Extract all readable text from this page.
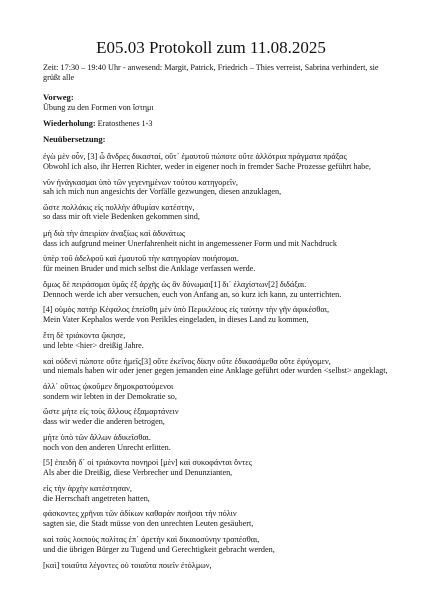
E05.03 Protokoll zum 11.08.2025
Zeit: 17:30 – 19:40 Uhr - anwesend: Margit, Patrick, Friedrich – Thies verreist, Sabrina verhindert, sie grüßt alle
Vorweg:
Übung zu den Formen von ἵστημι
Wiederholung: Eratosthenes 1-3
Neuübersetzung:
ἐγὼ μὲν οὖν, [3] ὦ ἄνδρες δικασταί, οὔτ᾽ ἐμαυτοῦ πώποτε οὔτε ἀλλότρια πράγματα πράξας
Obwohl ich also, ihr Herren Richter, weder in eigener noch in fremder Sache Prozesse geführt habe,
νῦν ἠνάγκασμαι ὑπὸ τῶν γεγενημένων τούτου κατηγορεῖν,
sah ich mich nun angesichts der Vorfälle gezwungen, diesen anzuklagen,
ὥστε πολλάκις εἰς πολλὴν ἀθυμίαν κατέστην,
so dass mir oft viele Bedenken gekommen sind,
μὴ διὰ τὴν ἀπειρίαν ἀναξίως καὶ ἀδυνάτως
dass ich aufgrund meiner Unerfahrenheit nicht in angemessener Form und mit Nachdruck
ὑπὲρ τοῦ ἀδελφοῦ καὶ ἐμαυτοῦ τὴν κατηγορίαν ποιήσομαι.
für meinen Bruder und mich selbst die Anklage verfassen werde.
ὅμως δὲ πειράσομαι ὑμᾶς ἐξ ἀρχῆς ὡς ἂν δύνωμαι[1] δι᾽ ἐλαχίστων[2] διδάξαι.
Dennoch werde ich aber versuchen, euch von Anfang an, so kurz ich kann, zu unterrichten.
[4] οὑμὸς πατὴρ Κέφαλος ἐπείσθη μὲν ὑπὸ Περικλέους εἰς ταύτην τὴν γῆν ἀφικέσθαι,
Mein Vater Kephalos werde von Perikles eingeladen, in dieses Land zu kommen,
ἔτη δὲ τριάκοντα ᾤκησε,
und lebte <hier> dreißig Jahre.
καὶ οὐδενὶ πώποτε οὔτε ἡμεῖς[3] οὔτε ἐκεῖνος δίκην οὔτε ἐδικασάμεθα οὔτε ἐφύγομεν,
und niemals haben wir oder jener gegen jemanden eine Anklage geführt oder wurden <selbst> angeklagt,
ἀλλ᾽ οὕτως ᾠκοῦμεν δημοκρατούμενοι
sondern wir lebten in der Demokratie so,
ὥστε μήτε εἰς τοὺς ἄλλους ἐξαμαρτάνειν
dass wir weder die anderen betrogen,
μήτε ὑπὸ τῶν ἄλλων ἀδικεῖσθαι.
noch von den anderen Unrecht erlitten.
[5] ἐπειδὴ δ᾽ οἱ τριάκοντα πονηροὶ [μὲν] καὶ συκοφάνται ὄντες
Als aber die Dreißig, diese Verbrecher und Denunzianten,
εἰς τὴν ἀρχὴν κατέστησαν,
die Herrschaft angetreten hatten,
φάσκοντες χρῆναι τῶν ἀδίκων καθαρὰν ποιῆσαι τὴν πόλιν
sagten sie, die Stadt müsse von den unrechten Leuten gesäubert,
καὶ τοὺς λοιποὺς πολίτας ἐπ᾽ ἀρετὴν καὶ δικαιοσύνην τραπέσθαι,
und die übrigen Bürger zu Tugend und Gerechtigkeit gebracht werden,
[καὶ] τοιαῦτα λέγοντες οὐ τοιαῦτα ποιεῖν ἐτόλμων,
